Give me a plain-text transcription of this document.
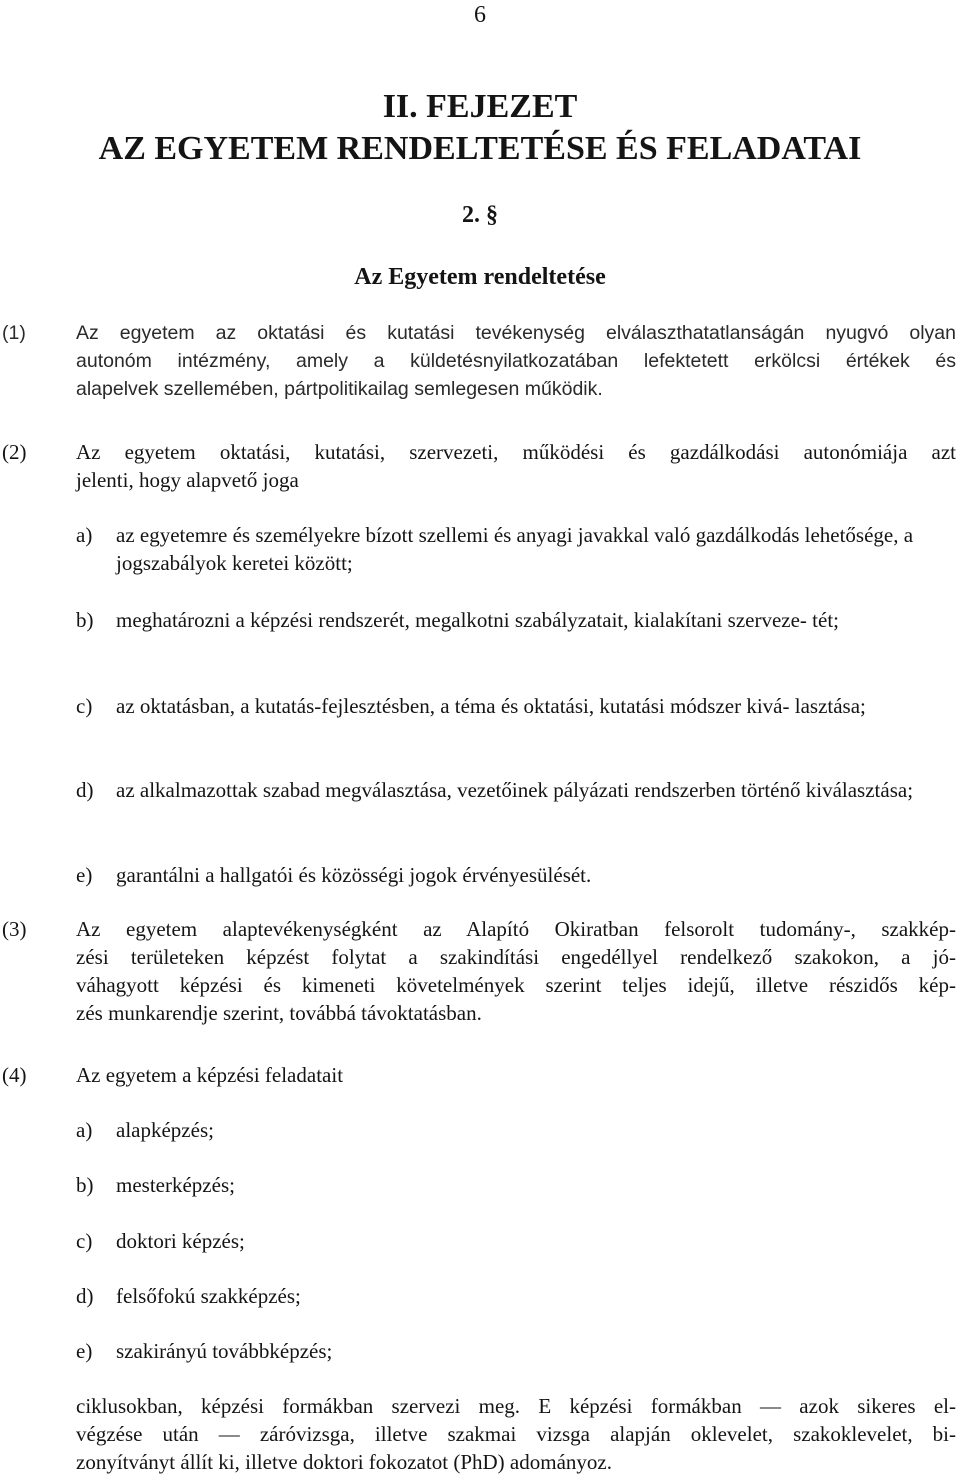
6
II. FEJEZET
AZ EGYETEM RENDELTETÉSE ÉS FELADATAI
2. §
Az Egyetem rendeltetése
(1)	Az egyetem az oktatási és kutatási tevékenység elválaszthatatlanságán nyugvó olyan
autonóm intézmény, amely a küldetésnyilatkozatában lefektetett erkölcsi értékek és
alapelvek szellemében, pártpolitikailag semlegesen működik.
(2) Az egyetem oktatási, kutatási, szervezeti, működési és gazdálkodási autonómiája azt
jelenti, hogy alapvető joga
a) az egyetemre és személyekre bízott szellemi és anyagi javakkal való gazdálkodás lehetősége, a jogszabályok keretei között;
b) meghatározni a képzési rendszerét, megalkotni szabályzatait, kialakítani szerveze- tét;
c) az oktatásban, a kutatás-fejlesztésben, a téma és oktatási, kutatási módszer kivá- lasztása;
d) az alkalmazottak szabad megválasztása, vezetőinek pályázati rendszerben történő kiválasztása;
e) garantálni a hallgatói és közösségi jogok érvényesülését.
(3) Az egyetem alaptevékenységként az Alapító Okiratban felsorolt tudomány-, szakkép-
zési területeken képzést folytat a szakindítási engedéllyel rendelkező szakokon, a jó-
váhagyott képzési és kimeneti követelmények szerint teljes idejű, illetve részidős kép-
zés munkarendje szerint, továbbá távoktatásban.
(4) Az egyetem a képzési feladatait
a) alapképzés;
b) mesterképzés;
c) doktori képzés;
d) felsőfokú szakképzés;
e) szakirányú továbbképzés;
ciklusokban, képzési formákban szervezi meg. E képzési formákban — azok sikeres el-
végzése után — záróvizsga, illetve szakmai vizsga alapján oklevelet, szakoklevelet, bi-
zonyítványt állít ki, illetve doktori fokozatot (PhD) adományoz.
